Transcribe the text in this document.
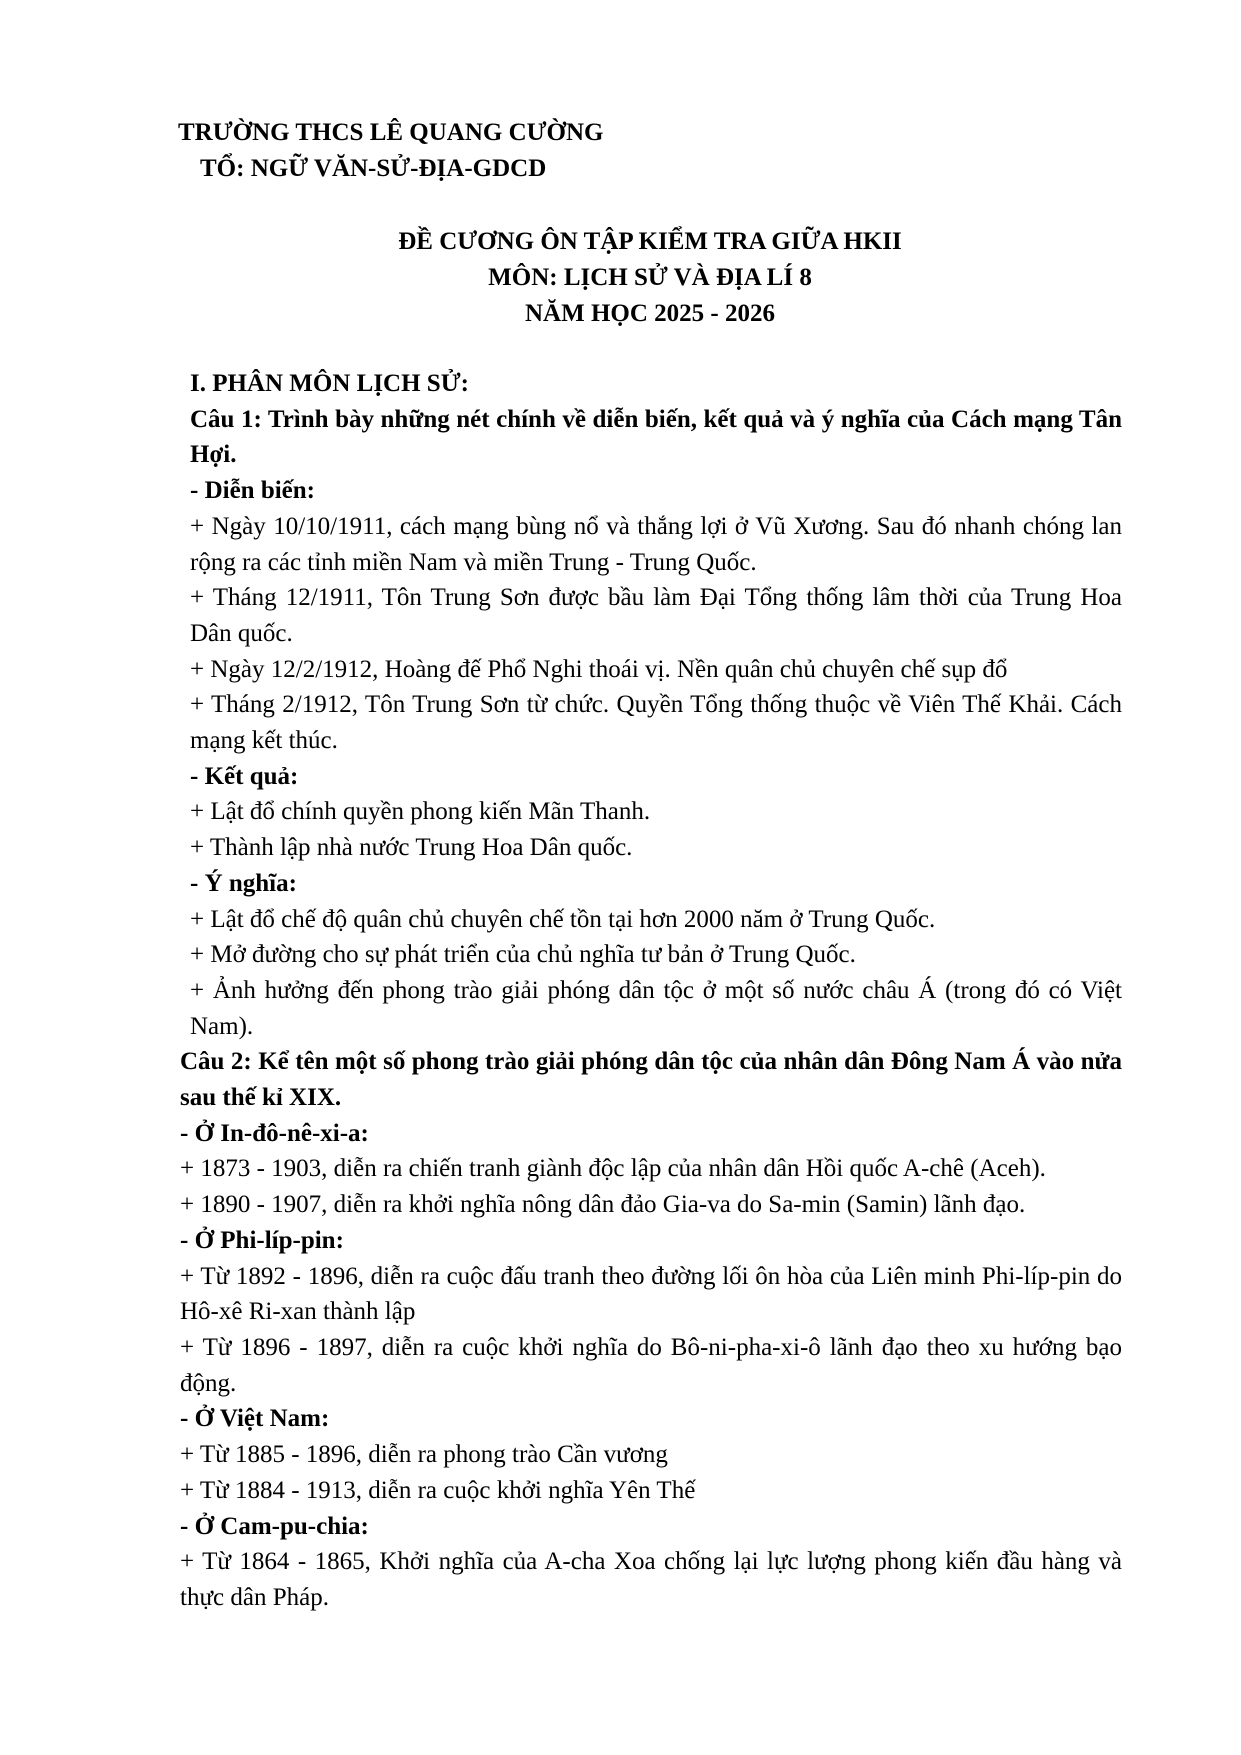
TRƯỜNG THCS LÊ QUANG CƯỜNG
TỔ: NGỮ VĂN-SỬ-ĐỊA-GDCD
ĐỀ CƯƠNG ÔN TẬP KIỂM TRA GIỮA HKII
MÔN: LỊCH SỬ VÀ ĐỊA LÍ 8
NĂM HỌC 2025 - 2026

I. PHÂN MÔN LỊCH SỬ:

Câu 1: Trình bày những nét chính về diễn biến, kết quả và ý nghĩa của Cách mạng Tân Hợi.

- Diễn biến:

+ Ngày 10/10/1911, cách mạng bùng nổ và thắng lợi ở Vũ Xương. Sau đó nhanh chóng lan rộng ra các tỉnh miền Nam và miền Trung - Trung Quốc.

+ Tháng 12/1911, Tôn Trung Sơn được bầu làm Đại Tổng thống lâm thời của Trung Hoa Dân quốc.

+ Ngày 12/2/1912, Hoàng đế Phổ Nghi thoái vị. Nền quân chủ chuyên chế sụp đổ

+ Tháng 2/1912, Tôn Trung Sơn từ chức. Quyền Tổng thống thuộc về Viên Thế Khải. Cách mạng kết thúc.

- Kết quả:

+ Lật đổ chính quyền phong kiến Mãn Thanh.

+ Thành lập nhà nước Trung Hoa Dân quốc.

- Ý nghĩa:

+ Lật đổ chế độ quân chủ chuyên chế tồn tại hơn 2000 năm ở Trung Quốc.

+ Mở đường cho sự phát triển của chủ nghĩa tư bản ở Trung Quốc.

+ Ảnh hưởng đến phong trào giải phóng dân tộc ở một số nước châu Á (trong đó có Việt Nam).

Câu 2: Kể tên một số phong trào giải phóng dân tộc của nhân dân Đông Nam Á vào nửa sau thế kỉ XIX.

- Ở In-đô-nê-xi-a:

+ 1873 - 1903, diễn ra chiến tranh giành độc lập của nhân dân Hồi quốc A-chê (Aceh).

+ 1890 - 1907, diễn ra khởi nghĩa nông dân đảo Gia-va do Sa-min (Samin) lãnh đạo.

- Ở Phi-líp-pin:

+ Từ 1892 - 1896, diễn ra cuộc đấu tranh theo đường lối ôn hòa của Liên minh Phi-líp-pin do Hô-xê Ri-xan thành lập

+ Từ 1896 - 1897, diễn ra cuộc khởi nghĩa do Bô-ni-pha-xi-ô lãnh đạo theo xu hướng bạo động.

- Ở Việt Nam:

+ Từ 1885 - 1896, diễn ra phong trào Cần vương

+ Từ 1884 - 1913, diễn ra cuộc khởi nghĩa Yên Thế

- Ở Cam-pu-chia:

+ Từ 1864 - 1865, Khởi nghĩa của A-cha Xoa chống lại lực lượng phong kiến đầu hàng và thực dân Pháp.
